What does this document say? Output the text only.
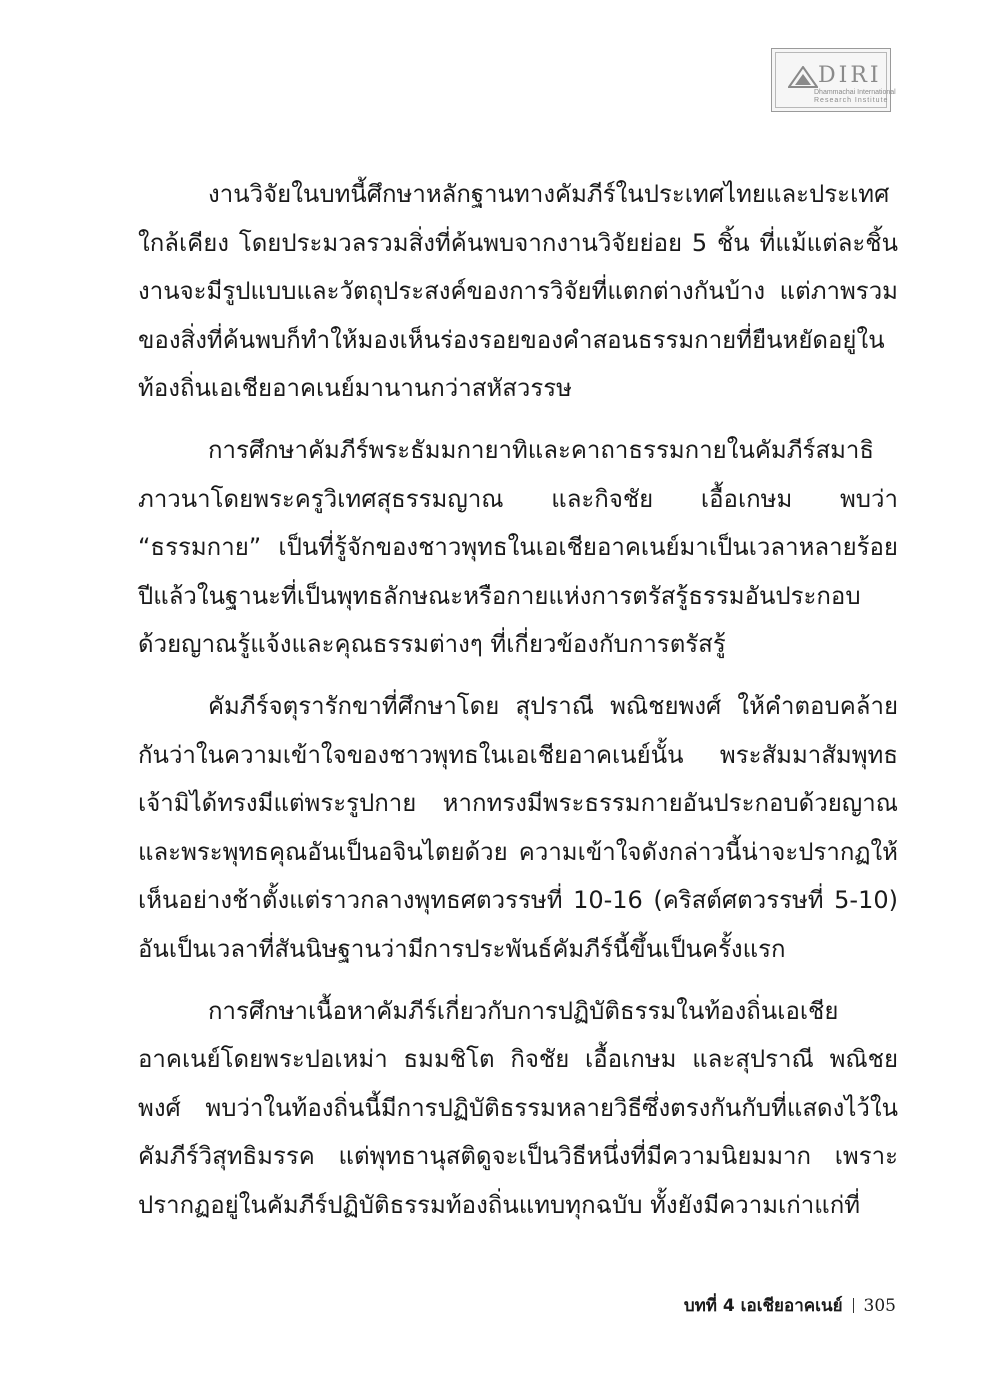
DIRI
Dhammachai International
Research Institute

งานวิจัยในบทนี้ศึกษาหลักฐานทางคัมภีร์ในประเทศไทยและประเทศใกล้เคียง โดยประมวลรวมสิ่งที่ค้นพบจากงานวิจัยย่อย 5 ชิ้น ที่แม้แต่ละชิ้นงานจะมีรูปแบบและวัตถุประสงค์ของการวิจัยที่แตกต่างกันบ้าง แต่ภาพรวมของสิ่งที่ค้นพบก็ทำให้มองเห็นร่องรอยของคำสอนธรรมกายที่ยืนหยัดอยู่ในท้องถิ่นเอเชียอาคเนย์มานานกว่าสหัสวรรษ

การศึกษาคัมภีร์พระธัมมกายาทิและคาถาธรรมกายในคัมภีร์สมาธิภาวนาโดยพระครูวิเทศสุธรรมญาณ และกิจชัย เอื้อเกษม พบว่า “ธรรมกาย” เป็นที่รู้จักของชาวพุทธในเอเชียอาคเนย์มาเป็นเวลาหลายร้อยปีแล้วในฐานะที่เป็นพุทธลักษณะหรือกายแห่งการตรัสรู้ธรรมอันประกอบด้วยญาณรู้แจ้งและคุณธรรมต่างๆ ที่เกี่ยวข้องกับการตรัสรู้

คัมภีร์จตุรารักขาที่ศึกษาโดย สุปราณี พณิชยพงศ์ ให้คำตอบคล้ายกันว่าในความเข้าใจของชาวพุทธในเอเชียอาคเนย์นั้น พระสัมมาสัมพุทธเจ้ามิได้ทรงมีแต่พระรูปกาย หากทรงมีพระธรรมกายอันประกอบด้วยญาณและพระพุทธคุณอันเป็นอจินไตยด้วย ความเข้าใจดังกล่าวนี้น่าจะปรากฏให้เห็นอย่างช้าตั้งแต่ราวกลางพุทธศตวรรษที่ 10-16 (คริสต์ศตวรรษที่ 5-10) อันเป็นเวลาที่สันนิษฐานว่ามีการประพันธ์คัมภีร์นี้ขึ้นเป็นครั้งแรก

การศึกษาเนื้อหาคัมภีร์เกี่ยวกับการปฏิบัติธรรมในท้องถิ่นเอเชียอาคเนย์โดยพระปอเหม่า ธมมชิโต กิจชัย เอื้อเกษม และสุปราณี พณิชยพงศ์ พบว่าในท้องถิ่นนี้มีการปฏิบัติธรรมหลายวิธีซึ่งตรงกันกับที่แสดงไว้ในคัมภีร์วิสุทธิมรรค แต่พุทธานุสติดูจะเป็นวิธีหนึ่งที่มีความนิยมมาก เพราะปรากฏอยู่ในคัมภีร์ปฏิบัติธรรมท้องถิ่นแทบทุกฉบับ ทั้งยังมีความเก่าแก่ที่

บทที่ 4 เอเชียอาคเนย์ 305
